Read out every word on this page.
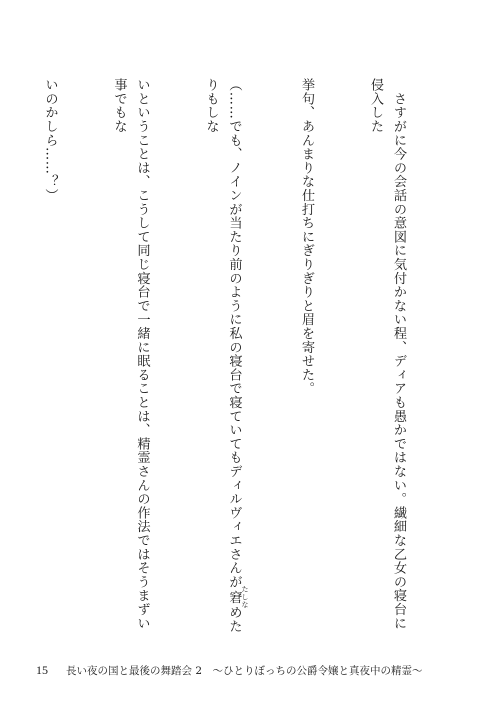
　さすがに今の会話の意図に気付かない程、ディアも愚かではない。繊細な乙女の寝台に侵入した

挙句、あんまりな仕打ちにぎりぎりと眉を寄せた。

（……でも、ノインが当たり前のように私の寝台で寝ていてもディルヴィエさんが窘 たしなめたりもしな

いということは、こうして同じ寝台で一緒に眠ることは、精霊さんの作法ではそうまずい事でもな

いのかしら……？）

15 長い夜の国と最後の舞踏会 2　～ひとりぼっちの公爵令嬢と真夜中の精霊～
